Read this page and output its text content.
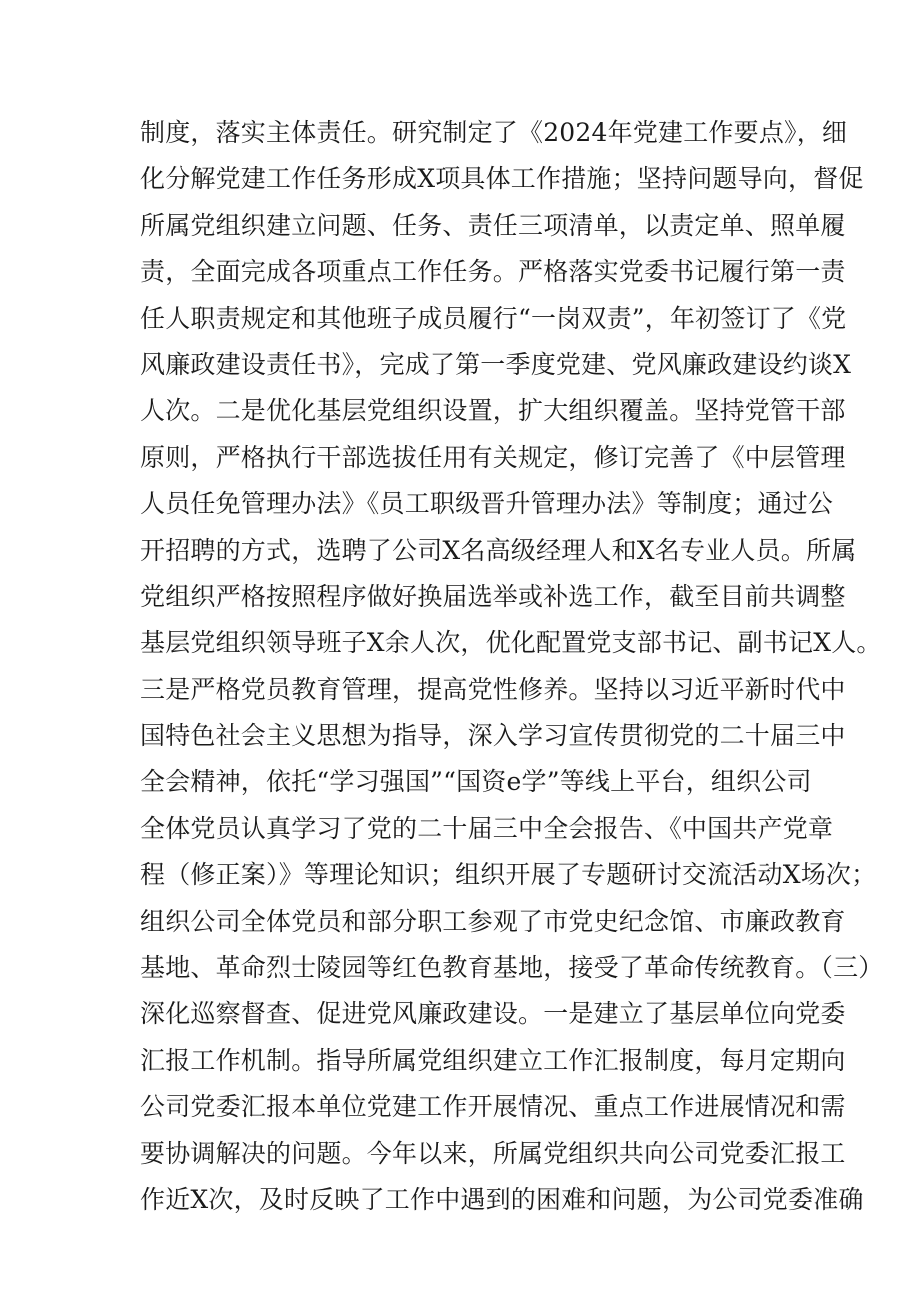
制度，落实主体责任。研究制定了《2024年党建工作要点》，细
化分解党建工作任务形成X项具体工作措施；坚持问题导向，督促
所属党组织建立问题、任务、责任三项清单，以责定单、照单履
责，全面完成各项重点工作任务。严格落实党委书记履行第一责
任人职责规定和其他班子成员履行“一岗双责”，年初签订了《党
风廉政建设责任书》，完成了第一季度党建、党风廉政建设约谈X
人次。二是优化基层党组织设置，扩大组织覆盖。坚持党管干部
原则，严格执行干部选拔任用有关规定，修订完善了《中层管理
人员任免管理办法》《员工职级晋升管理办法》等制度；通过公
开招聘的方式，选聘了公司X名高级经理人和X名专业人员。所属
党组织严格按照程序做好换届选举或补选工作，截至目前共调整
基层党组织领导班子X余人次，优化配置党支部书记、副书记X人。
三是严格党员教育管理，提高党性修养。坚持以习近平新时代中
国特色社会主义思想为指导，深入学习宣传贯彻党的二十届三中
全会精神，依托“学习强国”“国资e学”等线上平台，组织公司
全体党员认真学习了党的二十届三中全会报告、《中国共产党章
程（修正案）》等理论知识；组织开展了专题研讨交流活动X场次；
组织公司全体党员和部分职工参观了市党史纪念馆、市廉政教育
基地、革命烈士陵园等红色教育基地，接受了革命传统教育。（三）
深化巡察督查、促进党风廉政建设。一是建立了基层单位向党委
汇报工作机制。指导所属党组织建立工作汇报制度，每月定期向
公司党委汇报本单位党建工作开展情况、重点工作进展情况和需
要协调解决的问题。今年以来，所属党组织共向公司党委汇报工
作近X次，及时反映了工作中遇到的困难和问题，为公司党委准确
